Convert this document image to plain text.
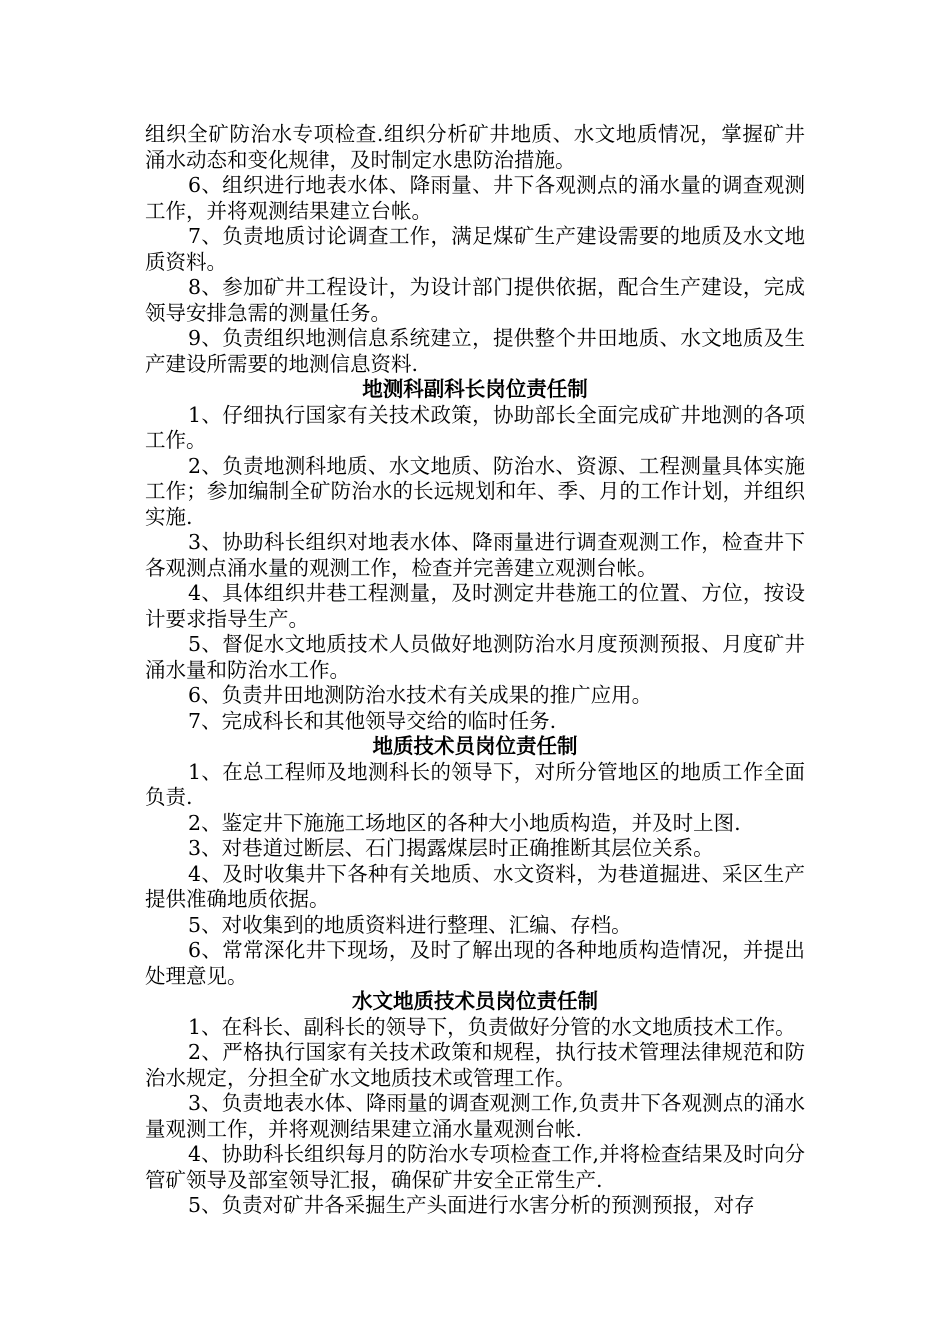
组织全矿防治水专项检查.组织分析矿井地质、水文地质情况，掌握矿井涌水动态和变化规律，及时制定水患防治措施。

6、组织进行地表水体、降雨量、井下各观测点的涌水量的调查观测工作，并将观测结果建立台帐。

7、负责地质讨论调查工作，满足煤矿生产建设需要的地质及水文地质资料。

8、参加矿井工程设计，为设计部门提供依据，配合生产建设，完成领导安排急需的测量任务。

9、负责组织地测信息系统建立，提供整个井田地质、水文地质及生产建设所需要的地测信息资料.

地测科副科长岗位责任制

1、仔细执行国家有关技术政策，协助部长全面完成矿井地测的各项工作。

2、负责地测科地质、水文地质、防治水、资源、工程测量具体实施工作；参加编制全矿防治水的长远规划和年、季、月的工作计划，并组织实施.

3、协助科长组织对地表水体、降雨量进行调查观测工作，检查井下各观测点涌水量的观测工作，检查并完善建立观测台帐。

4、具体组织井巷工程测量，及时测定井巷施工的位置、方位，按设计要求指导生产。

5、督促水文地质技术人员做好地测防治水月度预测预报、月度矿井涌水量和防治水工作。

6、负责井田地测防治水技术有关成果的推广应用。

7、完成科长和其他领导交给的临时任务.

地质技术员岗位责任制

1、在总工程师及地测科长的领导下，对所分管地区的地质工作全面负责.

2、鉴定井下施施工场地区的各种大小地质构造，并及时上图.

3、对巷道过断层、石门揭露煤层时正确推断其层位关系。

4、及时收集井下各种有关地质、水文资料，为巷道掘进、采区生产提供准确地质依据。

5、对收集到的地质资料进行整理、汇编、存档。

6、常常深化井下现场，及时了解出现的各种地质构造情况，并提出处理意见。

水文地质技术员岗位责任制

1、在科长、副科长的领导下，负责做好分管的水文地质技术工作。

2、严格执行国家有关技术政策和规程，执行技术管理法律规范和防治水规定，分担全矿水文地质技术或管理工作。

3、负责地表水体、降雨量的调查观测工作,负责井下各观测点的涌水量观测工作，并将观测结果建立涌水量观测台帐.

4、协助科长组织每月的防治水专项检查工作,并将检查结果及时向分管矿领导及部室领导汇报，确保矿井安全正常生产.

5、负责对矿井各采掘生产头面进行水害分析的预测预报，对存
